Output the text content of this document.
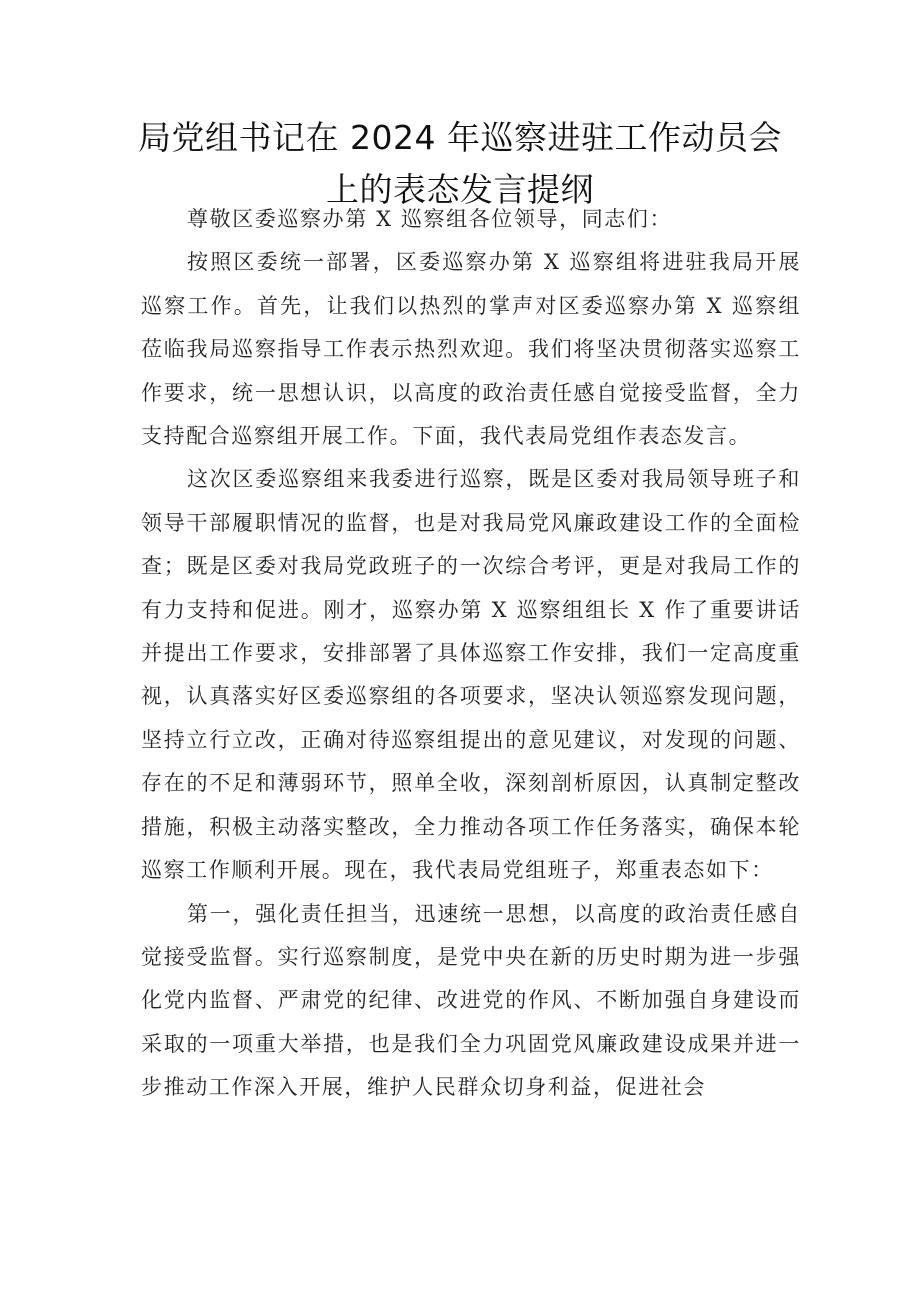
局党组书记在 2024 年巡察进驻工作动员会
上的表态发言提纲

尊敬区委巡察办第 X 巡察组各位领导，同志们：

按照区委统一部署，区委巡察办第 X 巡察组将进驻我局开展巡察工作。首先，让我们以热烈的掌声对区委巡察办第 X 巡察组莅临我局巡察指导工作表示热烈欢迎。我们将坚决贯彻落实巡察工作要求，统一思想认识，以高度的政治责任感自觉接受监督，全力支持配合巡察组开展工作。下面，我代表局党组作表态发言。

这次区委巡察组来我委进行巡察，既是区委对我局领导班子和领导干部履职情况的监督，也是对我局党风廉政建设工作的全面检查；既是区委对我局党政班子的一次综合考评，更是对我局工作的有力支持和促进。刚才，巡察办第 X 巡察组组长 X 作了重要讲话并提出工作要求，安排部署了具体巡察工作安排，我们一定高度重视，认真落实好区委巡察组的各项要求，坚决认领巡察发现问题，坚持立行立改，正确对待巡察组提出的意见建议，对发现的问题、存在的不足和薄弱环节，照单全收，深刻剖析原因，认真制定整改措施，积极主动落实整改，全力推动各项工作任务落实，确保本轮巡察工作顺利开展。现在，我代表局党组班子，郑重表态如下：

第一，强化责任担当，迅速统一思想，以高度的政治责任感自觉接受监督。实行巡察制度，是党中央在新的历史时期为进一步强化党内监督、严肃党的纪律、改进党的作风、不断加强自身建设而采取的一项重大举措，也是我们全力巩固党风廉政建设成果并进一步推动工作深入开展，维护人民群众切身利益，促进社会
